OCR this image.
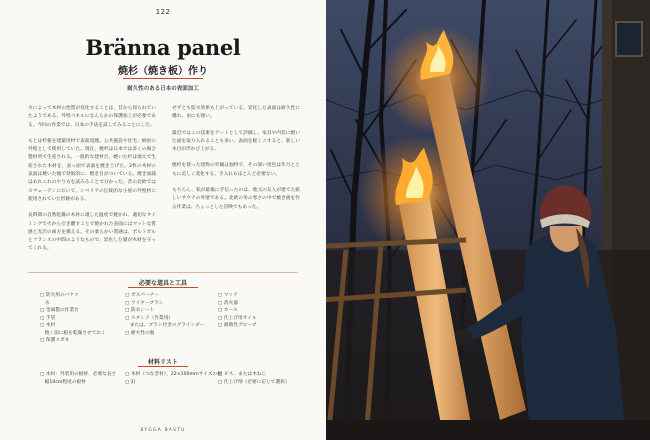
122
Bränna panel
焼杉（焼き板）作り
耐久性のある日本の表面加工

火によって木材の性質が変化することは、昔から知られていたようである。外壁パネルになんらかの保護加工が必要である。今回の作業では、日本の手法を試してみることにした。

もとは杉板を建築用材で表面処理。公共施設や住宅、納屋の外壁として使用していた。現在、焼杉は日本では多くの場合製材所で生産される。一般的な建材だ。焼いた杉は地元で生産された木材を、表っ面で表面を焼き上げた。2枚の木材の表面は焼いた後で効果的に、焼き目がついている。焼き加減はあれこれのやり方を試みることで分かった。昔の北欧ではスウェーデンにおいて、シベリアの伝統的な小屋の外壁材に使用されていた形跡がある。

長時間の自然乾燥の木材に適した温度で焼かれ、適切なタイミングで火から引き離すことで焼かれた表面にはマットな質感と光沢の両方を備える。その柔らかい質感は、ポルトガルとフランスの中間のようなもので、炭化した層が木材を守ってくれる。

せずとも防水効果も上がっている。炭化した表面は耐久性に優れ、虫にも強い。

最近ではこの技術をアートとして評価し、家具や内装に焼いた面を取り入れることも多い。表面を軽くこすると、新しい木目が浮かび上がる。

焼杉を使った建物の外観は独特で、その深い黒色は年月とともに美しく変化する。手入れもほとんど必要ない。

もちろん、私が最後に手伝ったのは、地元の友人が建てた新しいサウナの外壁である。北欧の冬の寒さの中で焼き板を作る作業は、ちょっとした冒険でもあった。

必要な道具と工具
□ 防火用のバケツ
　水
□ 金属製の作業台
□ 手袋
□ 木材
　焼く前に板を乾燥させておく
□ 保護メガネ
□ ガスバーナー
□ ワイヤーブラシ
□ 防水シート
□ スタンド（作業用）
　または、ブラシ付きのグラインダー
□ 耐火性の服
□ マッチ
□ 消火器
□ ホース
□ 仕上げ用オイル
□ 耐熱性グローブ
材料リスト
□ 木材：外装用の板材、必要な長さ
　幅10cm程度の板材
□ 木材（つなぎ材）、22×100mmサイズの板
□ 釘
□ ビス、または木ねじ
□ 仕上げ剤（必要に応じて選択）
BYGGA BASTU
